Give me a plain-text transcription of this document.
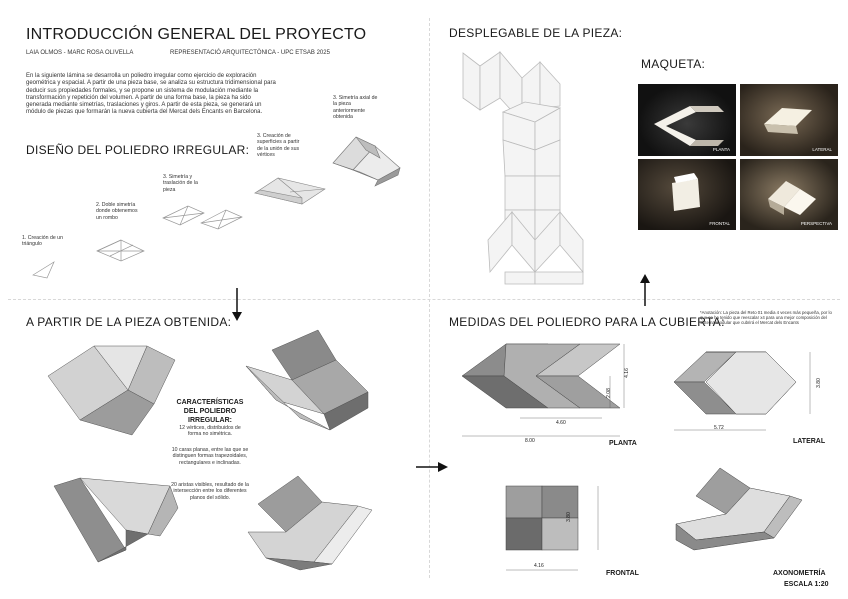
INTRODUCCIÓN GENERAL DEL PROYECTO
LAIA OLMOS - MARC ROSA OLIVELLA	REPRESENTACIÓ ARQUITECTÒNICA - UPC ETSAB 2025
En la siguiente lámina se desarrolla un poliedro irregular como ejercicio de exploración geométrica y espacial. A partir de una pieza base, se analiza su estructura tridimensional para deducir sus propiedades formales, y se propone un sistema de modulación mediante la transformación y repetición del volumen. A partir de una forma base, la pieza ha sido generada mediante simetrías, traslaciones y giros. A partir de esta pieza, se generará un módulo de piezas que formarán la nueva cubierta del Mercat dels Encants en Barcelona.
DISEÑO DEL POLIEDRO IRREGULAR:
1. Creación de un triángulo
2. Doble simetría donde obtenemos un rombo
3. Simetría y traslación de la pieza
3. Creación de superficies a partir de la unión de sus vértices
3. Simetría axial de la pieza anteriormente obtenida
DESPLEGABLE DE LA PIEZA:
MAQUETA:
PLANTA	LATERAL
FRONTAL	PERSPECTIVA
A PARTIR DE LA PIEZA OBTENIDA:
CARACTERÍSTICAS DEL POLIEDRO IRREGULAR:
12 vértices, distribuidos de forma no simétrica.
10 caras planas, entre las que se distinguen formas trapezoidales, rectangulares e inclinadas.
20 aristas visibles, resultado de la intersección entre los diferentes planos del sólido.
MEDIDAS DEL POLIEDRO PARA LA CUBIERTA:
*Anotación: La pieza del Reto 01 media 4 veces más pequeña, por lo que se ha tenido que reescalar x4 para una mejor composición del sistema modular que cubrirá el Mercat dels Encants
4.16
2.08
4.60
8.00	PLANTA
3.80
5.72
LATERAL
3.80
4.16
FRONTAL	AXONOMETRÍA
ESCALA 1:20
